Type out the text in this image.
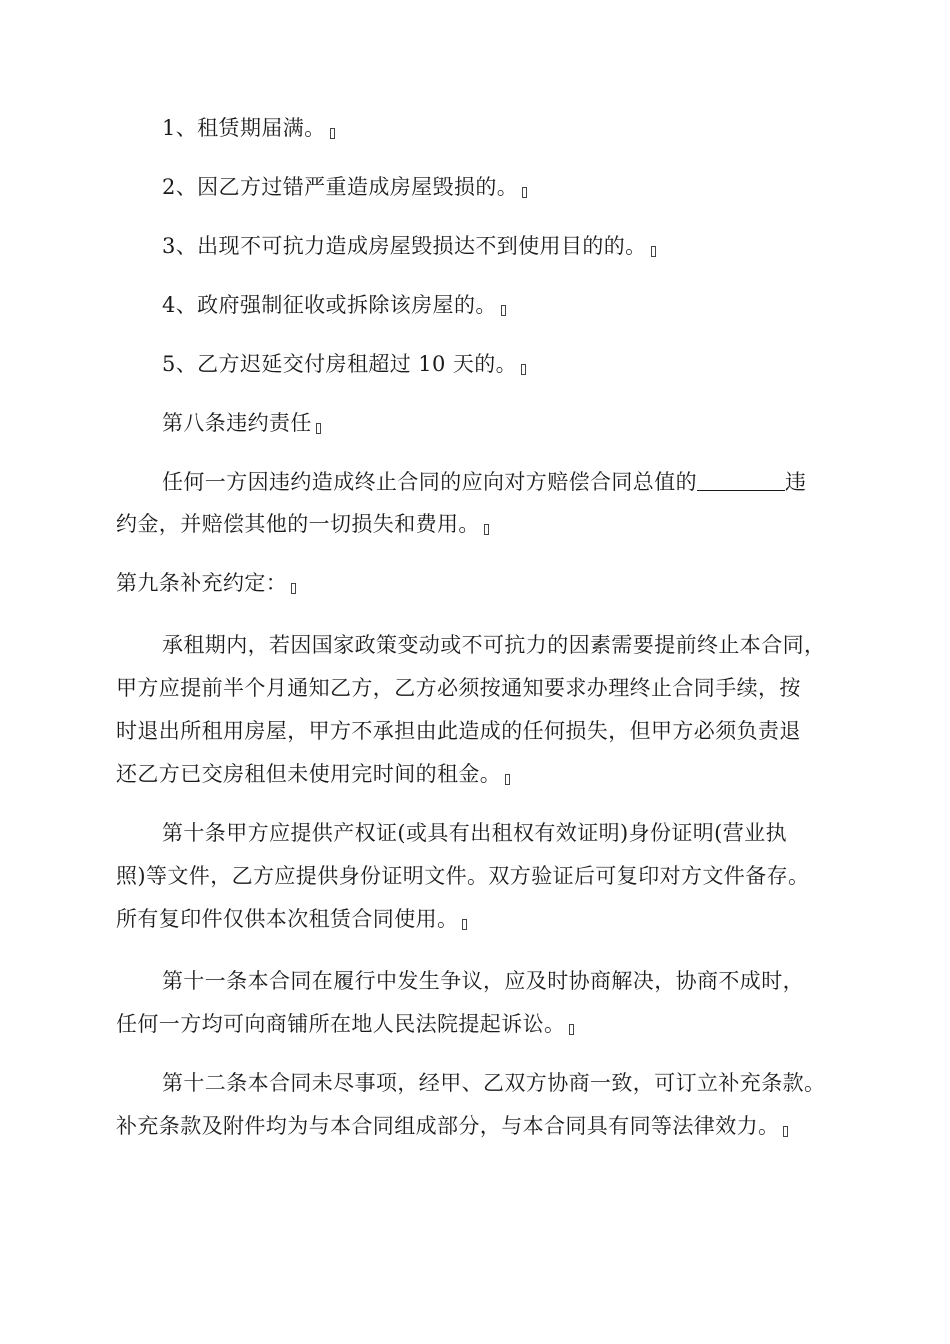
1、租赁期届满。
2、因乙方过错严重造成房屋毁损的。
3、出现不可抗力造成房屋毁损达不到使用目的的。
4、政府强制征收或拆除该房屋的。
5、乙方迟延交付房租超过 10 天的。
第八条违约责任
任何一方因违约造成终止合同的应向对方赔偿合同总值的	违
约金，并赔偿其他的一切损失和费用。
第九条补充约定：
承租期内，若因国家政策变动或不可抗力的因素需要提前终止本合同，
甲方应提前半个月通知乙方，乙方必须按通知要求办理终止合同手续，按
时退出所租用房屋，甲方不承担由此造成的任何损失，但甲方必须负责退
还乙方已交房租但未使用完时间的租金。
第十条甲方应提供产权证(或具有出租权有效证明)身份证明(营业执
照)等文件，乙方应提供身份证明文件。双方验证后可复印对方文件备存。
所有复印件仅供本次租赁合同使用。
第十一条本合同在履行中发生争议，应及时协商解决，协商不成时，
任何一方均可向商铺所在地人民法院提起诉讼。
第十二条本合同未尽事项，经甲、乙双方协商一致，可订立补充条款。
补充条款及附件均为与本合同组成部分，与本合同具有同等法律效力。
